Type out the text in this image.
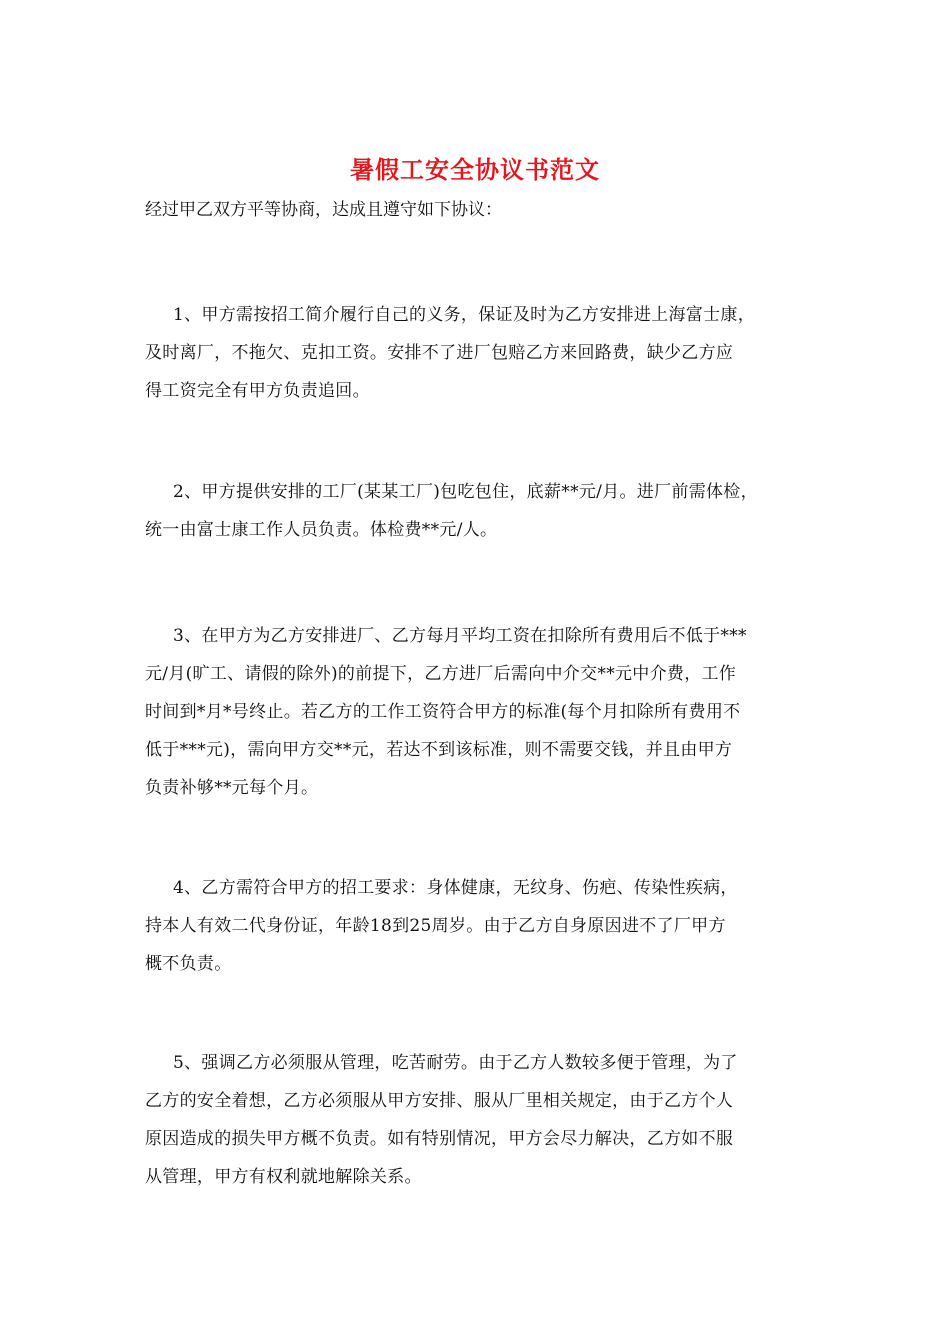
暑假工安全协议书范文
经过甲乙双方平等协商，达成且遵守如下协议：
1、甲方需按招工简介履行自己的义务，保证及时为乙方安排进上海富士康，
及时离厂，不拖欠、克扣工资。安排不了进厂包赔乙方来回路费，缺少乙方应
得工资完全有甲方负责追回。
2、甲方提供安排的工厂(某某工厂)包吃包住，底薪**元/月。进厂前需体检，
统一由富士康工作人员负责。体检费**元/人。
3、在甲方为乙方安排进厂、乙方每月平均工资在扣除所有费用后不低于***
元/月(旷工、请假的除外)的前提下，乙方进厂后需向中介交**元中介费，工作
时间到*月*号终止。若乙方的工作工资符合甲方的标准(每个月扣除所有费用不
低于***元)，需向甲方交**元，若达不到该标准，则不需要交钱，并且由甲方
负责补够**元每个月。
4、乙方需符合甲方的招工要求：身体健康，无纹身、伤疤、传染性疾病，
持本人有效二代身份证，年龄18到25周岁。由于乙方自身原因进不了厂甲方
概不负责。
5、强调乙方必须服从管理，吃苦耐劳。由于乙方人数较多便于管理，为了
乙方的安全着想，乙方必须服从甲方安排、服从厂里相关规定，由于乙方个人
原因造成的损失甲方概不负责。如有特别情况，甲方会尽力解决，乙方如不服
从管理，甲方有权利就地解除关系。
